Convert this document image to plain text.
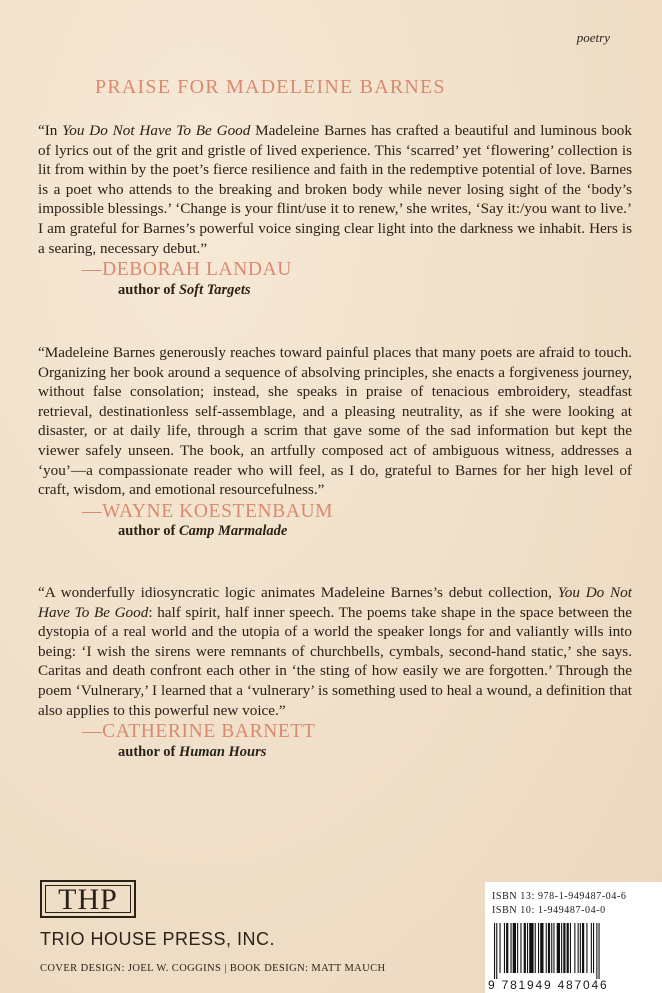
poetry
PRAISE FOR MADELEINE BARNES

“In You Do Not Have To Be Good Madeleine Barnes has crafted a beautiful and luminous book of lyrics out of the grit and gristle of lived experience. This ‘scarred’ yet ‘flowering’ collection is lit from within by the poet’s fierce resilience and faith in the redemptive potential of love. Barnes is a poet who attends to the breaking and broken body while never losing sight of the ‘body’s impossible blessings.’ ‘Change is your flint/use it to renew,’ she writes, ‘Say it:/you want to live.’ I am grateful for Barnes’s powerful voice singing clear light into the darkness we inhabit. Hers is a searing, necessary debut.”

—DEBORAH LANDAU
author of Soft Targets

“Madeleine Barnes generously reaches toward painful places that many poets are afraid to touch. Organizing her book around a sequence of absolving principles, she enacts a forgiveness journey, without false consolation; instead, she speaks in praise of tenacious embroidery, steadfast retrieval, destinationless self-assemblage, and a pleasing neutrality, as if she were looking at disaster, or at daily life, through a scrim that gave some of the sad information but kept the viewer safely unseen. The book, an artfully composed act of ambiguous witness, addresses a ‘you’—a compassionate reader who will feel, as I do, grateful to Barnes for her high level of craft, wisdom, and emotional resourcefulness.”

—WAYNE KOESTENBAUM
author of Camp Marmalade

“A wonderfully idiosyncratic logic animates Madeleine Barnes’s debut collection, You Do Not Have To Be Good: half spirit, half inner speech. The poems take shape in the space between the dystopia of a real world and the utopia of a world the speaker longs for and valiantly wills into being: ‘I wish the sirens were remnants of churchbells, cymbals, second-hand static,’ she says. Caritas and death confront each other in ‘the sting of how easily we are forgotten.’ Through the poem ‘Vulnerary,’ I learned that a ‘vulnerary’ is something used to heal a wound, a definition that also applies to this powerful new voice.”

—CATHERINE BARNETT
author of Human Hours
THP
TRIO HOUSE PRESS, INC.
COVER DESIGN: JOEL W. COGGINS | BOOK DESIGN: MATT MAUCH
ISBN 13: 978-1-949487-04-6
ISBN 10: 1-949487-04-0
9 781949 487046
